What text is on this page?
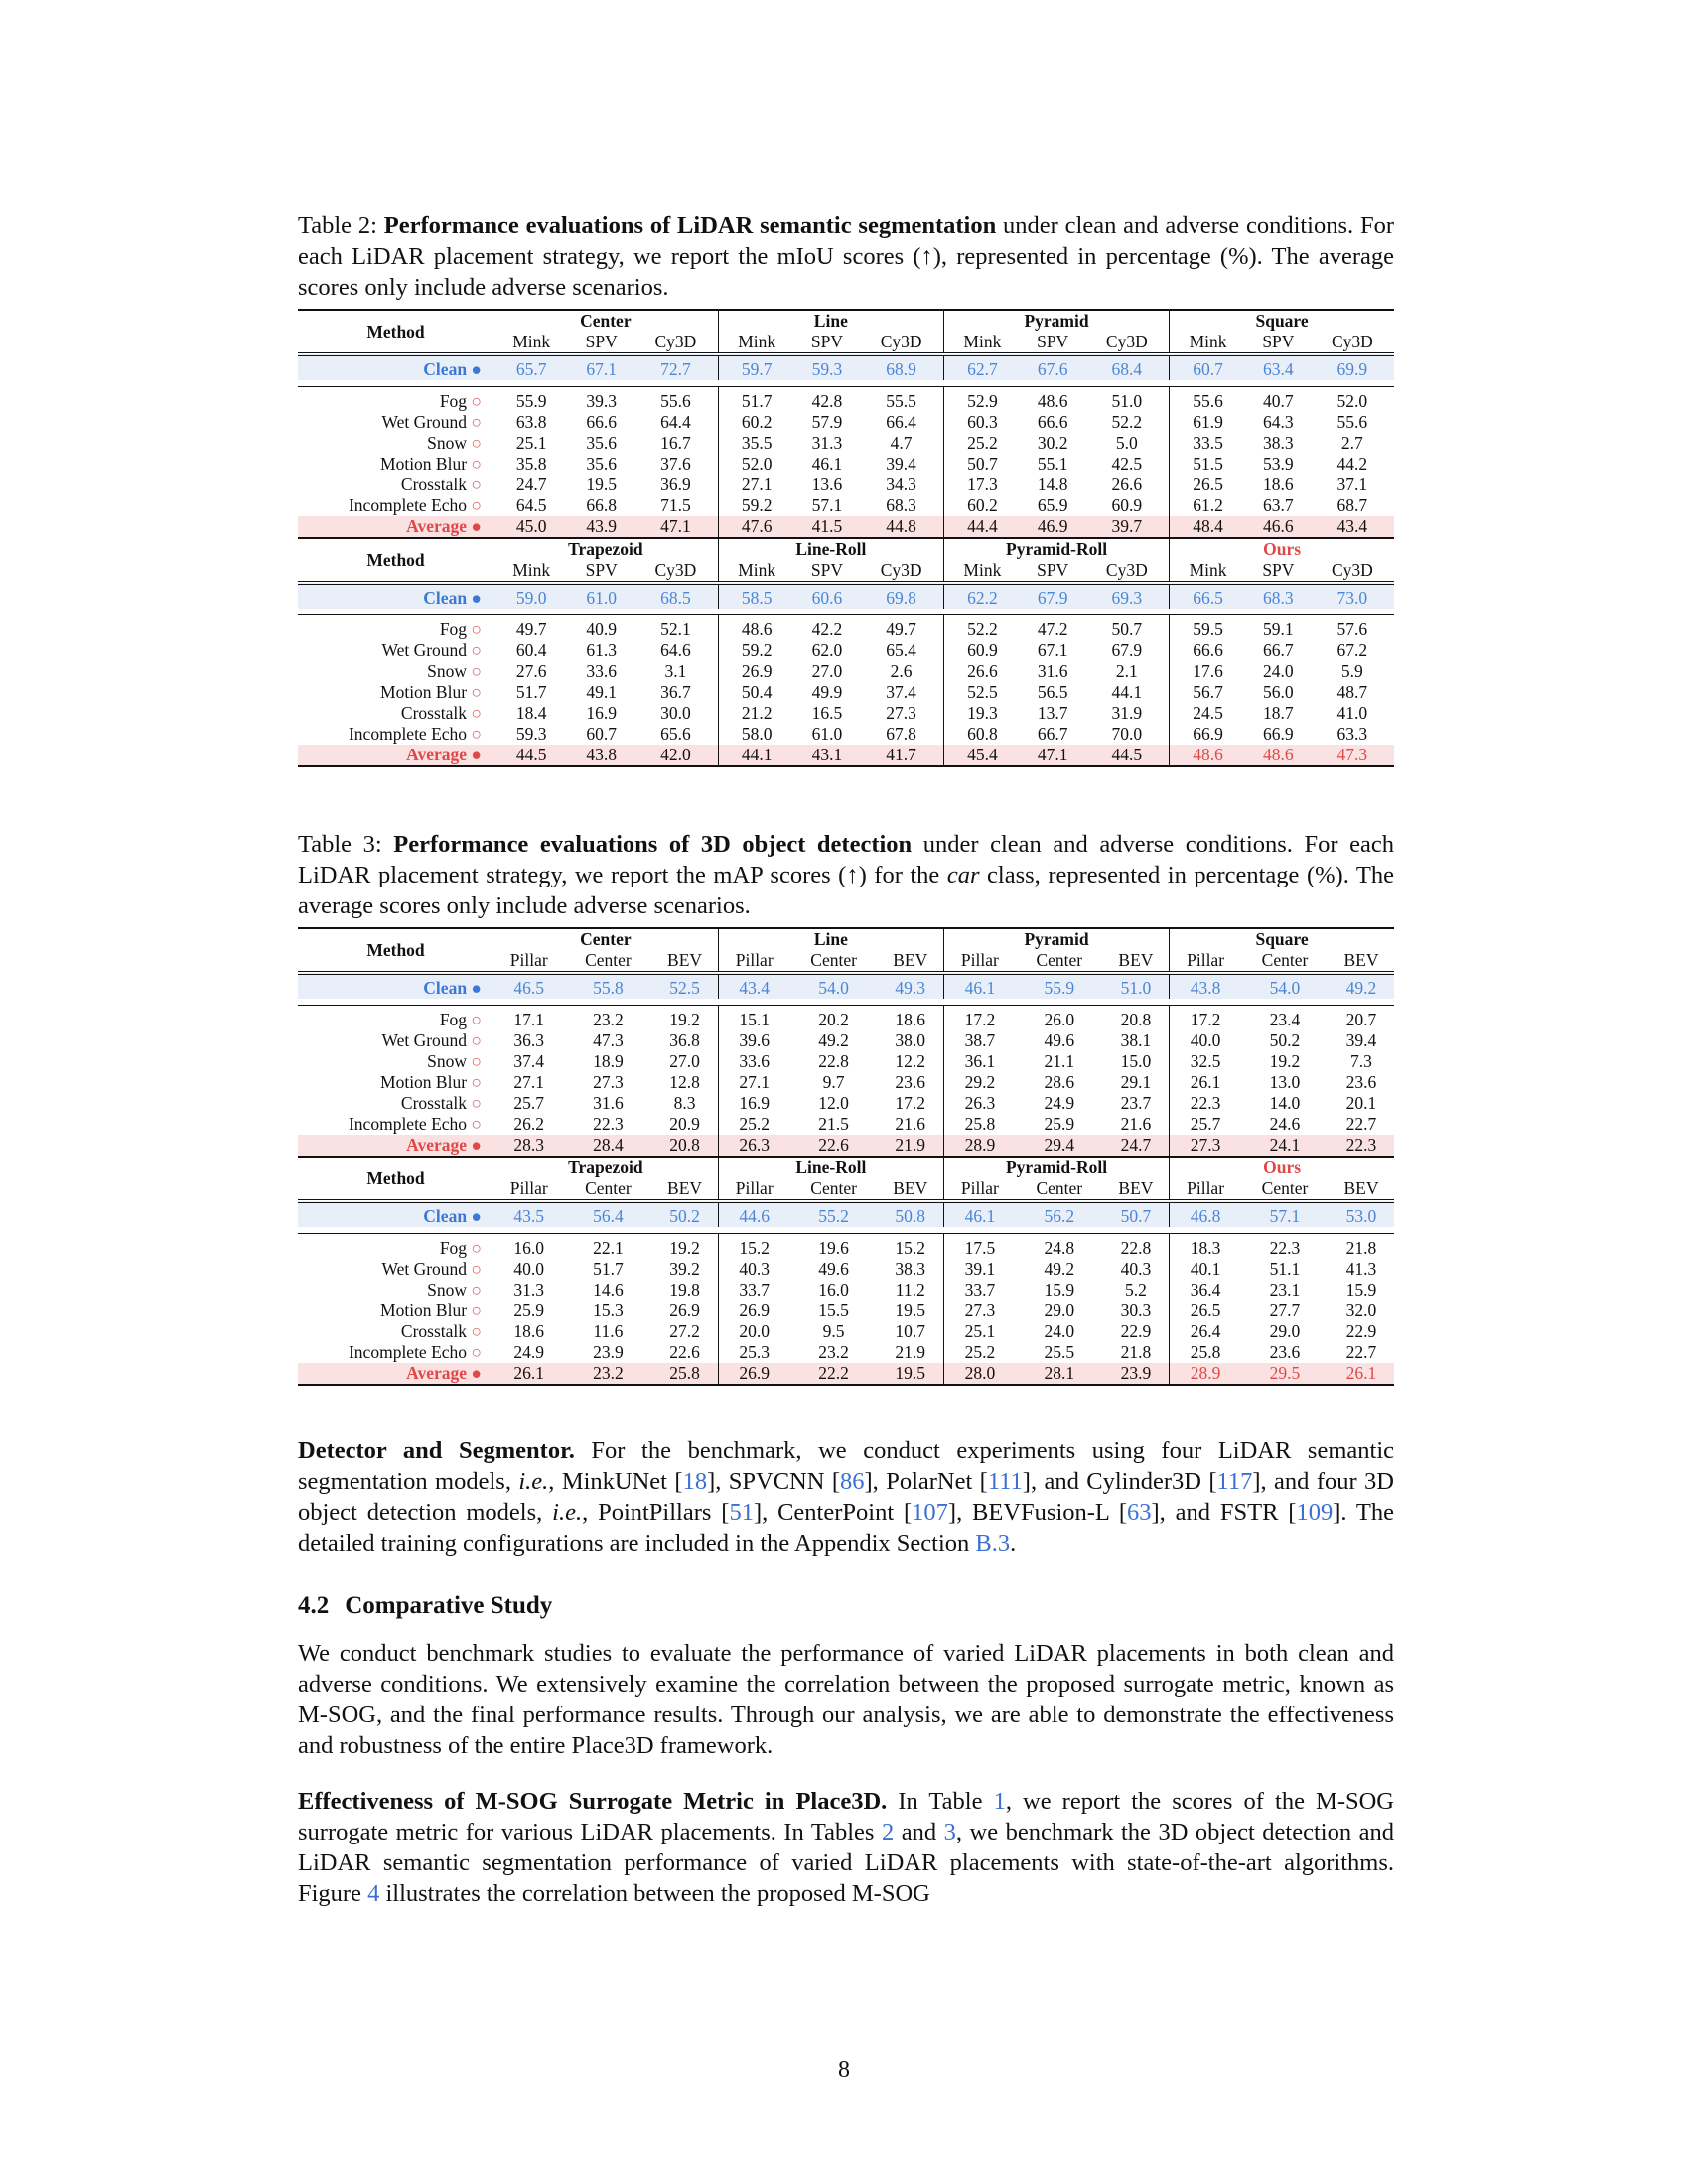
Table 2: Performance evaluations of LiDAR semantic segmentation under clean and adverse conditions. For each LiDAR placement strategy, we report the mIoU scores (↑), represented in percentage (%). The average scores only include adverse scenarios.
Method	Center			Line			Pyramid			Square		
	Mink	SPV	Cy3D	Mink	SPV	Cy3D	Mink	SPV	Cy3D	Mink	SPV	Cy3D
Clean ●	65.7	67.1	72.7	59.7	59.3	68.9	62.7	67.6	68.4	60.7	63.4	69.9

Fog ○	55.9	39.3	55.6	51.7	42.8	55.5	52.9	48.6	51.0	55.6	40.7	52.0
Wet Ground ○	63.8	66.6	64.4	60.2	57.9	66.4	60.3	66.6	52.2	61.9	64.3	55.6
Snow ○	25.1	35.6	16.7	35.5	31.3	4.7	25.2	30.2	5.0	33.5	38.3	2.7
Motion Blur ○	35.8	35.6	37.6	52.0	46.1	39.4	50.7	55.1	42.5	51.5	53.9	44.2
Crosstalk ○	24.7	19.5	36.9	27.1	13.6	34.3	17.3	14.8	26.6	26.5	18.6	37.1
Incomplete Echo ○	64.5	66.8	71.5	59.2	57.1	68.3	60.2	65.9	60.9	61.2	63.7	68.7
Average ●	45.0	43.9	47.1	47.6	41.5	44.8	44.4	46.9	39.7	48.4	46.6	43.4
Method	Trapezoid			Line-Roll			Pyramid-Roll			Ours		
	Mink	SPV	Cy3D	Mink	SPV	Cy3D	Mink	SPV	Cy3D	Mink	SPV	Cy3D
Clean ●	59.0	61.0	68.5	58.5	60.6	69.8	62.2	67.9	69.3	66.5	68.3	73.0

Fog ○	49.7	40.9	52.1	48.6	42.2	49.7	52.2	47.2	50.7	59.5	59.1	57.6
Wet Ground ○	60.4	61.3	64.6	59.2	62.0	65.4	60.9	67.1	67.9	66.6	66.7	67.2
Snow ○	27.6	33.6	3.1	26.9	27.0	2.6	26.6	31.6	2.1	17.6	24.0	5.9
Motion Blur ○	51.7	49.1	36.7	50.4	49.9	37.4	52.5	56.5	44.1	56.7	56.0	48.7
Crosstalk ○	18.4	16.9	30.0	21.2	16.5	27.3	19.3	13.7	31.9	24.5	18.7	41.0
Incomplete Echo ○	59.3	60.7	65.6	58.0	61.0	67.8	60.8	66.7	70.0	66.9	66.9	63.3
Average ●	44.5	43.8	42.0	44.1	43.1	41.7	45.4	47.1	44.5	48.6	48.6	47.3
Table 3: Performance evaluations of 3D object detection under clean and adverse conditions. For each LiDAR placement strategy, we report the mAP scores (↑) for the car class, represented in percentage (%). The average scores only include adverse scenarios.
Method	Center			Line			Pyramid			Square		
	Pillar	Center	BEV	Pillar	Center	BEV	Pillar	Center	BEV	Pillar	Center	BEV
Clean ●	46.5	55.8	52.5	43.4	54.0	49.3	46.1	55.9	51.0	43.8	54.0	49.2

Fog ○	17.1	23.2	19.2	15.1	20.2	18.6	17.2	26.0	20.8	17.2	23.4	20.7
Wet Ground ○	36.3	47.3	36.8	39.6	49.2	38.0	38.7	49.6	38.1	40.0	50.2	39.4
Snow ○	37.4	18.9	27.0	33.6	22.8	12.2	36.1	21.1	15.0	32.5	19.2	7.3
Motion Blur ○	27.1	27.3	12.8	27.1	9.7	23.6	29.2	28.6	29.1	26.1	13.0	23.6
Crosstalk ○	25.7	31.6	8.3	16.9	12.0	17.2	26.3	24.9	23.7	22.3	14.0	20.1
Incomplete Echo ○	26.2	22.3	20.9	25.2	21.5	21.6	25.8	25.9	21.6	25.7	24.6	22.7
Average ●	28.3	28.4	20.8	26.3	22.6	21.9	28.9	29.4	24.7	27.3	24.1	22.3
Method	Trapezoid			Line-Roll			Pyramid-Roll			Ours		
	Pillar	Center	BEV	Pillar	Center	BEV	Pillar	Center	BEV	Pillar	Center	BEV
Clean ●	43.5	56.4	50.2	44.6	55.2	50.8	46.1	56.2	50.7	46.8	57.1	53.0

Fog ○	16.0	22.1	19.2	15.2	19.6	15.2	17.5	24.8	22.8	18.3	22.3	21.8
Wet Ground ○	40.0	51.7	39.2	40.3	49.6	38.3	39.1	49.2	40.3	40.1	51.1	41.3
Snow ○	31.3	14.6	19.8	33.7	16.0	11.2	33.7	15.9	5.2	36.4	23.1	15.9
Motion Blur ○	25.9	15.3	26.9	26.9	15.5	19.5	27.3	29.0	30.3	26.5	27.7	32.0
Crosstalk ○	18.6	11.6	27.2	20.0	9.5	10.7	25.1	24.0	22.9	26.4	29.0	22.9
Incomplete Echo ○	24.9	23.9	22.6	25.3	23.2	21.9	25.2	25.5	21.8	25.8	23.6	22.7
Average ●	26.1	23.2	25.8	26.9	22.2	19.5	28.0	28.1	23.9	28.9	29.5	26.1

Detector and Segmentor. For the benchmark, we conduct experiments using four LiDAR semantic segmentation models, i.e., MinkUNet [18], SPVCNN [86], PolarNet [111], and Cylinder3D [117], and four 3D object detection models, i.e., PointPillars [51], CenterPoint [107], BEVFusion-L [63], and FSTR [109]. The detailed training configurations are included in the Appendix Section B.3.

4.2 Comparative Study

We conduct benchmark studies to evaluate the performance of varied LiDAR placements in both clean and adverse conditions. We extensively examine the correlation between the proposed surrogate metric, known as M-SOG, and the final performance results. Through our analysis, we are able to demonstrate the effectiveness and robustness of the entire Place3D framework.

Effectiveness of M-SOG Surrogate Metric in Place3D. In Table 1, we report the scores of the M-SOG surrogate metric for various LiDAR placements. In Tables 2 and 3, we benchmark the 3D object detection and LiDAR semantic segmentation performance of varied LiDAR placements with state-of-the-art algorithms. Figure 4 illustrates the correlation between the proposed M-SOG

8
